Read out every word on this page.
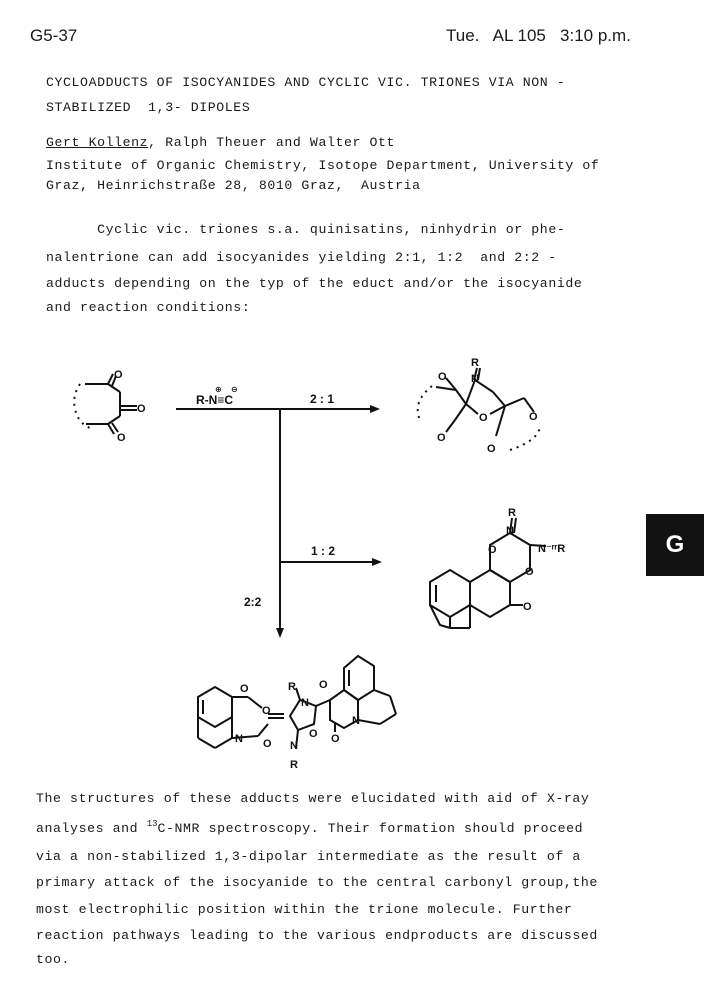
G5-37	Tue. AL 105 3:10 p.m.
CYCLOADDUCTS OF ISOCYANIDES AND CYCLIC VIC. TRIONES VIA NON -
STABILIZED  1,3- DIPOLES
Gert Kollenz, Ralph Theuer and Walter Ott
Institute of Organic Chemistry, Isotope Department, University of
Graz, Heinrichstraße 28, 8010 Graz,  Austria
Cyclic vic. triones s.a. quinisatins, ninhydrin or phe-
nalentrione can add isocyanides yielding 2:1, 1:2  and 2:2 -
adducts depending on the typ of the educt and/or the isocyanide
and reaction conditions:
G
O
O
O
R-N≡C
⊕ ⊖
2 : 1
1 : 2
2:2
R
N
O
O
O
O
O
R
N
N⁻ʳʳR
O
O
O
O
O
O
N
R
N
O
N
R
O
N
O
The structures of these adducts were elucidated with aid of X-ray
analyses and $^{13}$C-NMR spectroscopy. Their formation should proceed
via a non-stabilized 1,3-dipolar intermediate as the result of a
primary attack of the isocyanide to the central carbonyl group,the
most electrophilic position within the trione molecule. Further
reaction pathways leading to the various endproducts are discussed
too.
